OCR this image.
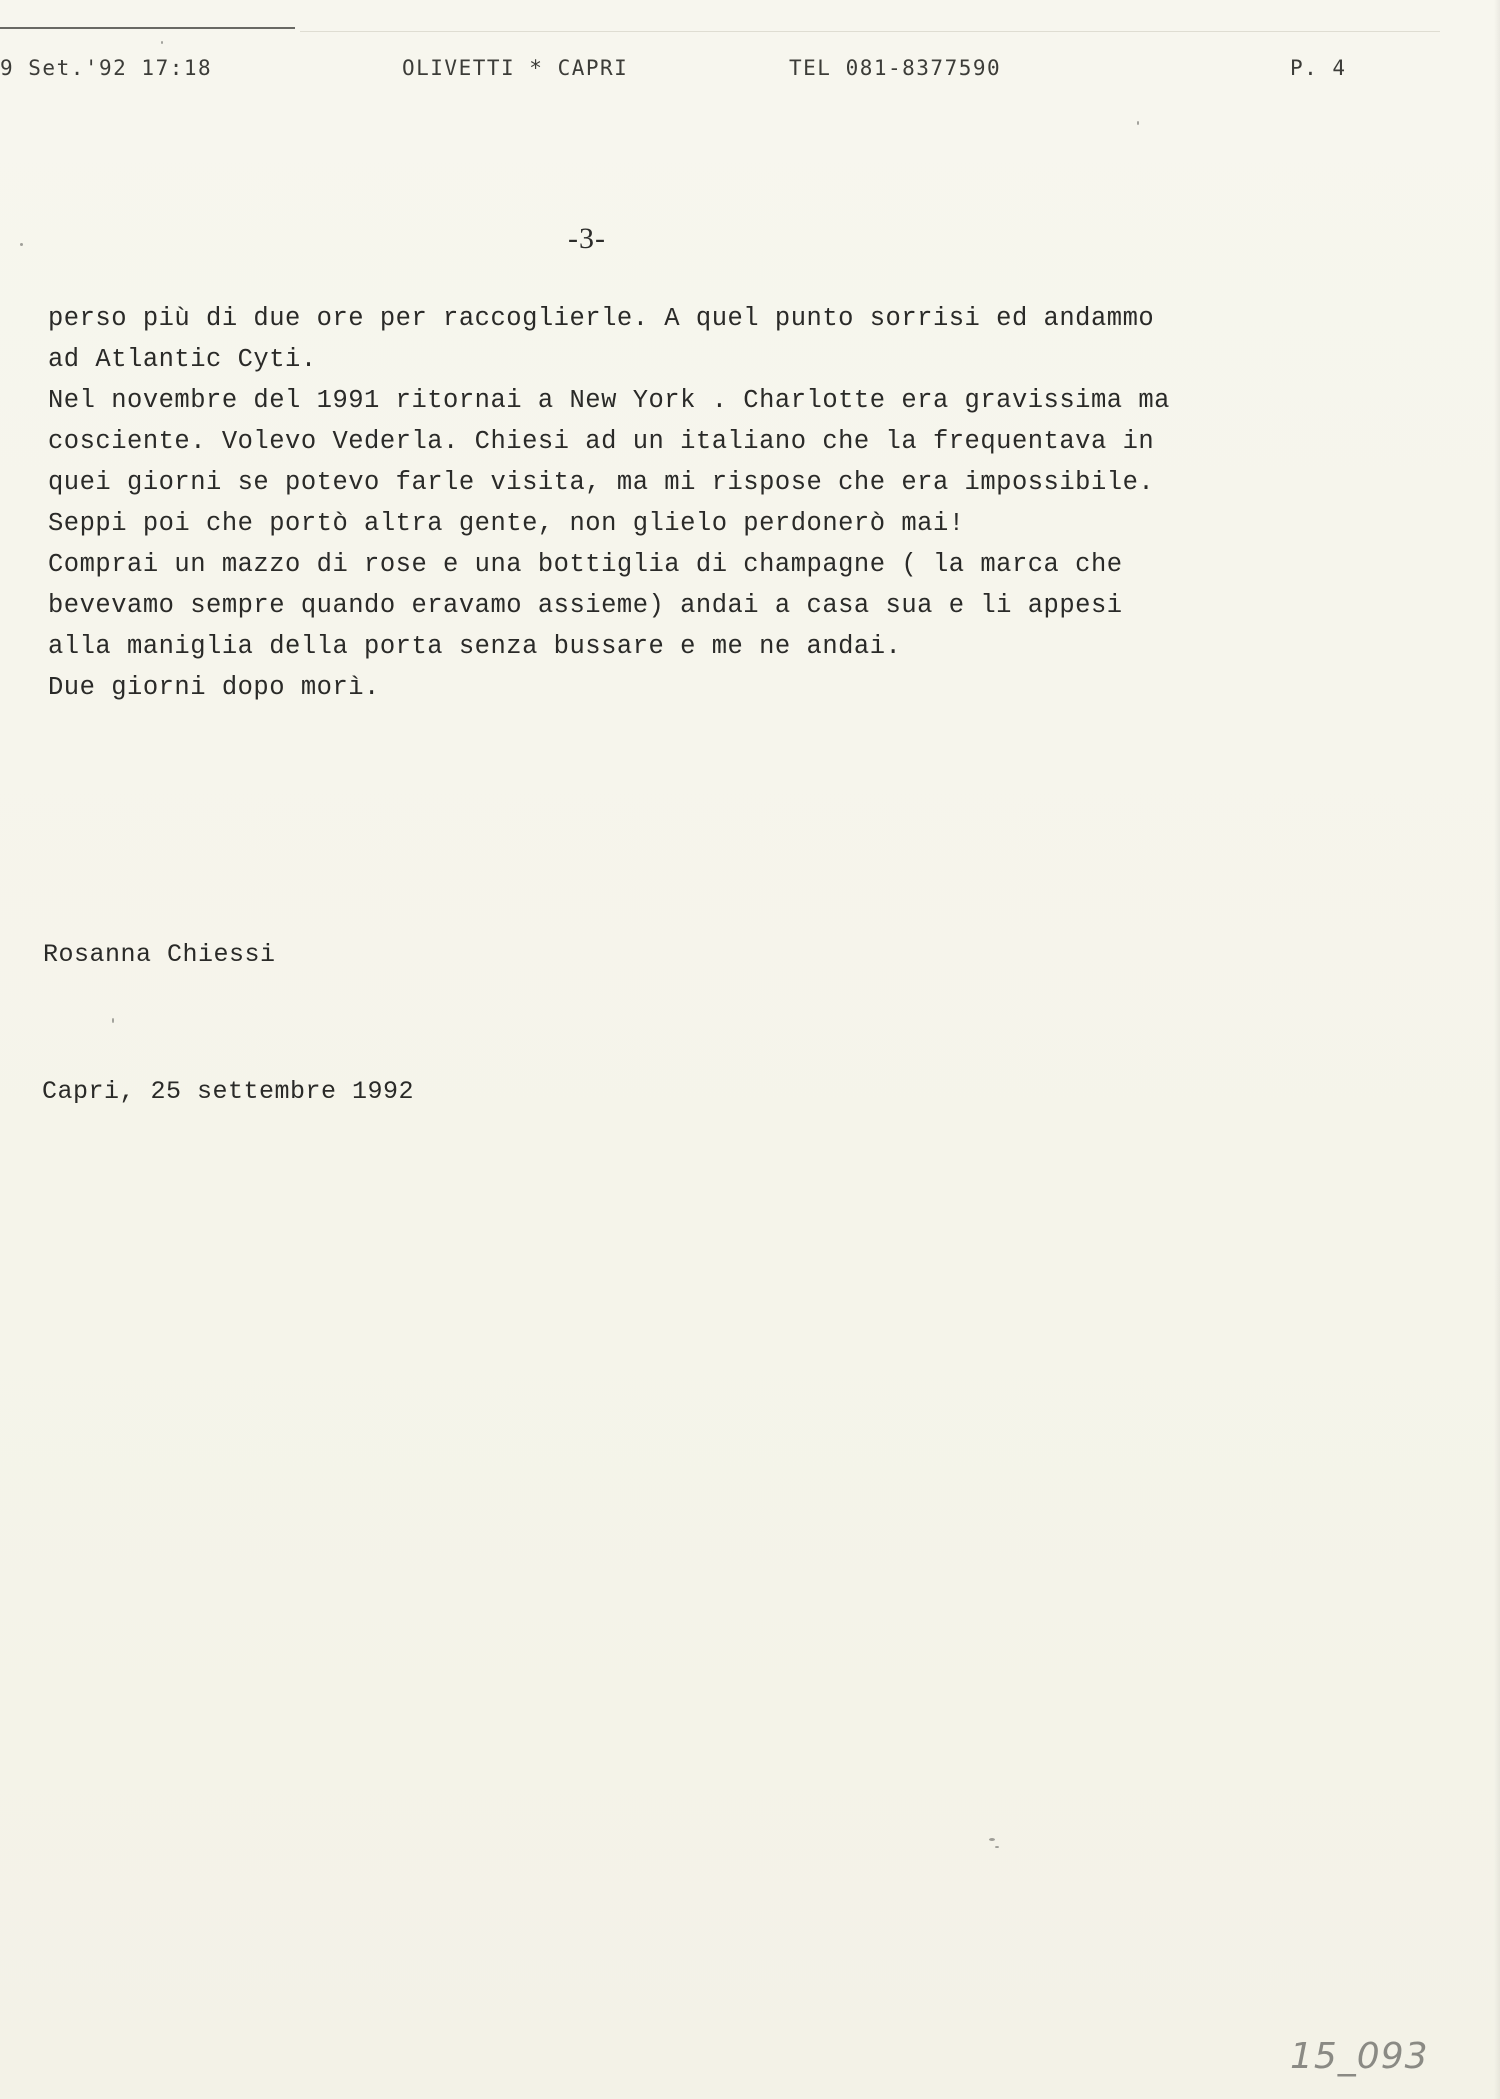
9 Set.'92 17:18	OLIVETTI * CAPRI	TEL 081-8377590	P. 4
-3-
perso più di due ore per raccoglierle. A quel punto sorrisi ed andammo
ad Atlantic Cyti.
Nel novembre del 1991 ritornai a New York . Charlotte era gravissima ma
cosciente. Volevo Vederla. Chiesi ad un italiano che la frequentava in
quei giorni se potevo farle visita, ma mi rispose che era impossibile.
Seppi poi che portò altra gente, non glielo perdonerò mai!
Comprai un mazzo di rose e una bottiglia di champagne ( la marca che
bevevamo sempre quando eravamo assieme) andai a casa sua e li appesi
alla maniglia della porta senza bussare e me ne andai.
Due giorni dopo morì.
Rosanna Chiessi
Capri, 25 settembre 1992
15_093
